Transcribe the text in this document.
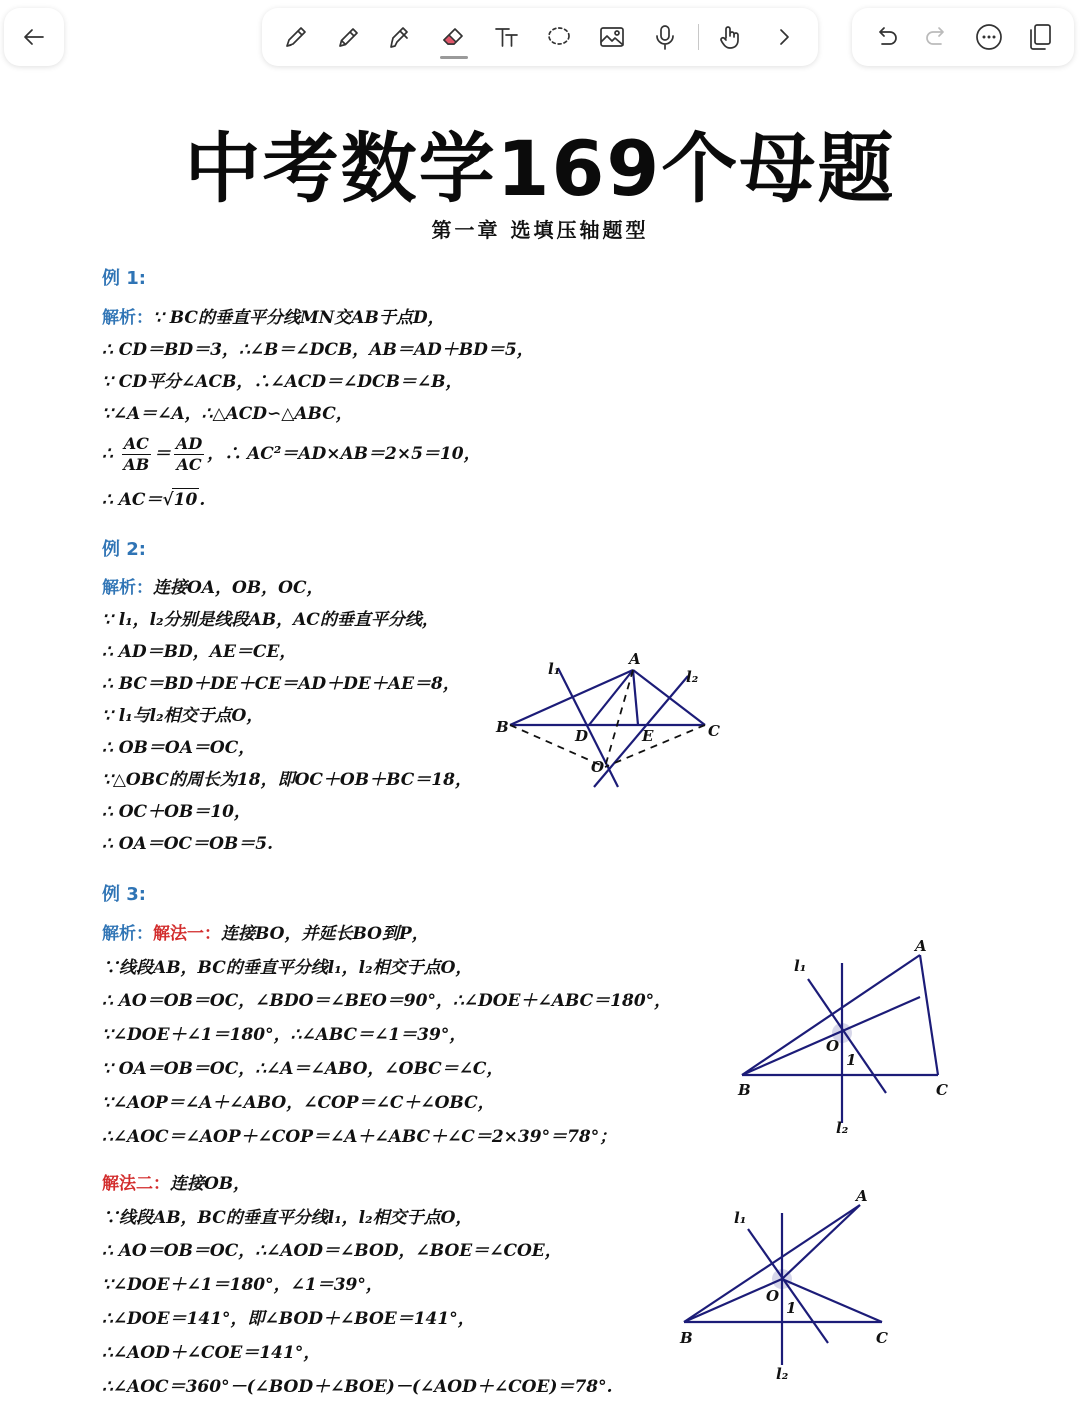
中考数学169个母题
第一章 选填压轴题型
例 1:
解析：∵ BC的垂直平分线MN交AB于点D，
∴ CD＝BD＝3，∴∠B＝∠DCB，AB＝AD＋BD＝5，
∵ CD平分∠ACB，∴∠ACD＝∠DCB＝∠B，
∵∠A＝∠A，∴△ACD∽△ABC，
∴ $\frac{AC}{AB} = \frac{AD}{AC}$ ，∴ AC²＝AD×AB＝2×5＝10，
∴ AC＝√10 .
例 2:
解析：连接OA，OB，OC，
∵ l₁，l₂分别是线段AB，AC的垂直平分线，
∴ AD＝BD，AE＝CE，
∴ BC＝BD＋DE＋CE＝AD＋DE＋AE＝8，
∵ l₁与l₂相交于点O，
∴ OB＝OA＝OC，
∵△OBC的周长为18，即OC＋OB＋BC＝18，
∴ OC＋OB＝10，
∴ OA＝OC＝OB＝5.
A
B	C
D	E
O
l₁	l₂
例 3:
解析：解法一：连接BO，并延长BO到P，
∵线段AB，BC的垂直平分线l₁，l₂相交于点O，
∴ AO＝OB＝OC，∠BDO＝∠BEO＝90°，∴∠DOE＋∠ABC＝180°，
∵∠DOE＋∠1＝180°，∴∠ABC＝∠1＝39°，
∵ OA＝OB＝OC，∴∠A＝∠ABO，∠OBC＝∠C，
∵∠AOP＝∠A＋∠ABO，∠COP＝∠C＋∠OBC，
∴∠AOC＝∠AOP＋∠COP＝∠A＋∠ABC＋∠C＝2×39°＝78°；
解法二：连接OB，
∵线段AB，BC的垂直平分线l₁，l₂相交于点O，
∴ AO＝OB＝OC，∴∠AOD＝∠BOD，∠BOE＝∠COE，
∵∠DOE＋∠1＝180°，∠1＝39°，
∴∠DOE＝141°，即∠BOD＋∠BOE＝141°，
∴∠AOD＋∠COE＝141°，
∴∠AOC＝360°－(∠BOD＋∠BOE)－(∠AOD＋∠COE)＝78°.
A
B	C
O
1
l₁
l₂
A
B	C
O
1
l₁
l₂
